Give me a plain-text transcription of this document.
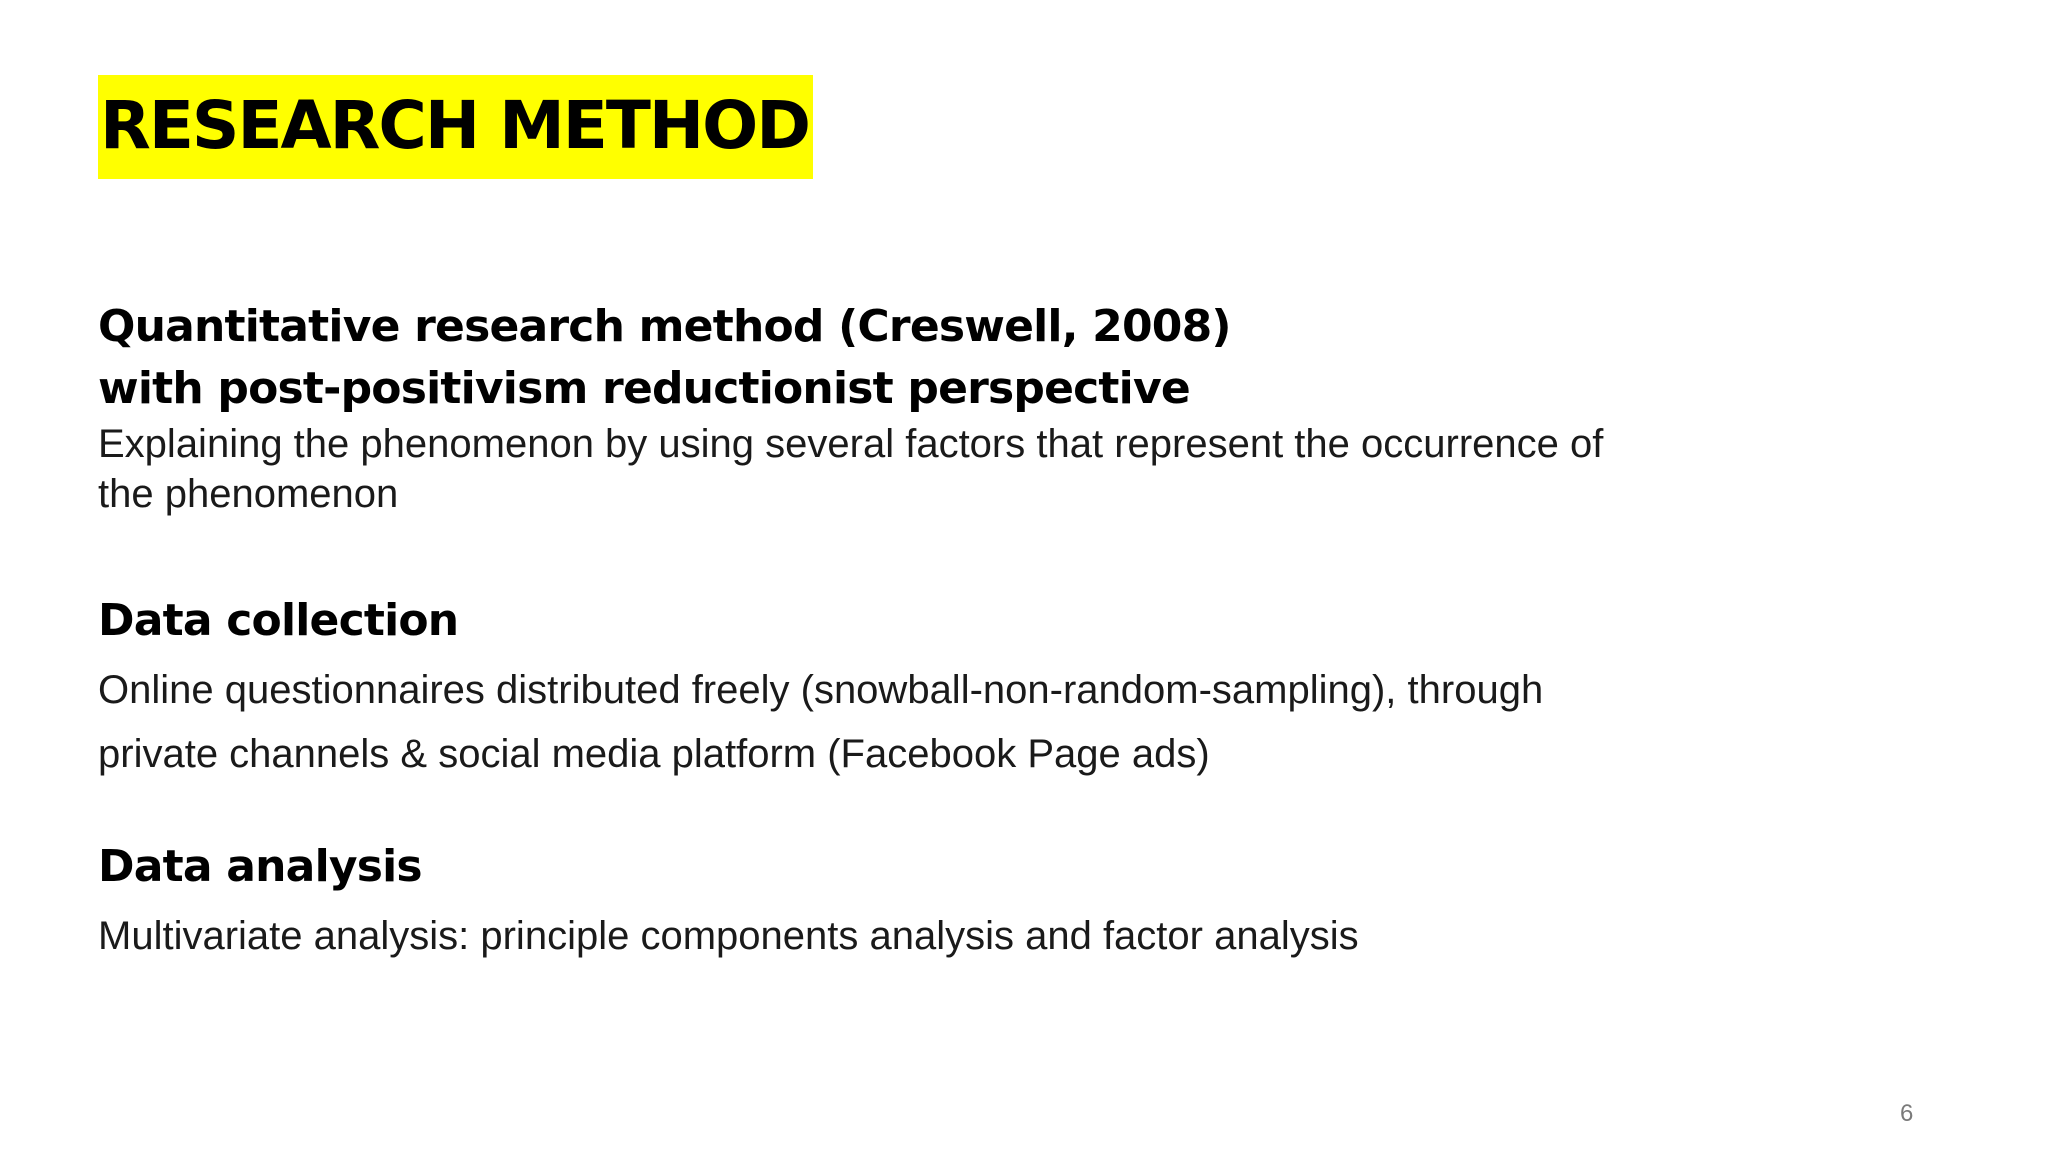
RESEARCH METHOD
Quantitative research method (Creswell, 2008)
with post-positivism reductionist perspective
Explaining the phenomenon by using several factors that represent the occurrence of
the phenomenon
Data collection
Online questionnaires distributed freely (snowball-non-random-sampling), through
private channels & social media platform (Facebook Page ads)
Data analysis
Multivariate analysis: principle components analysis and factor analysis
6
